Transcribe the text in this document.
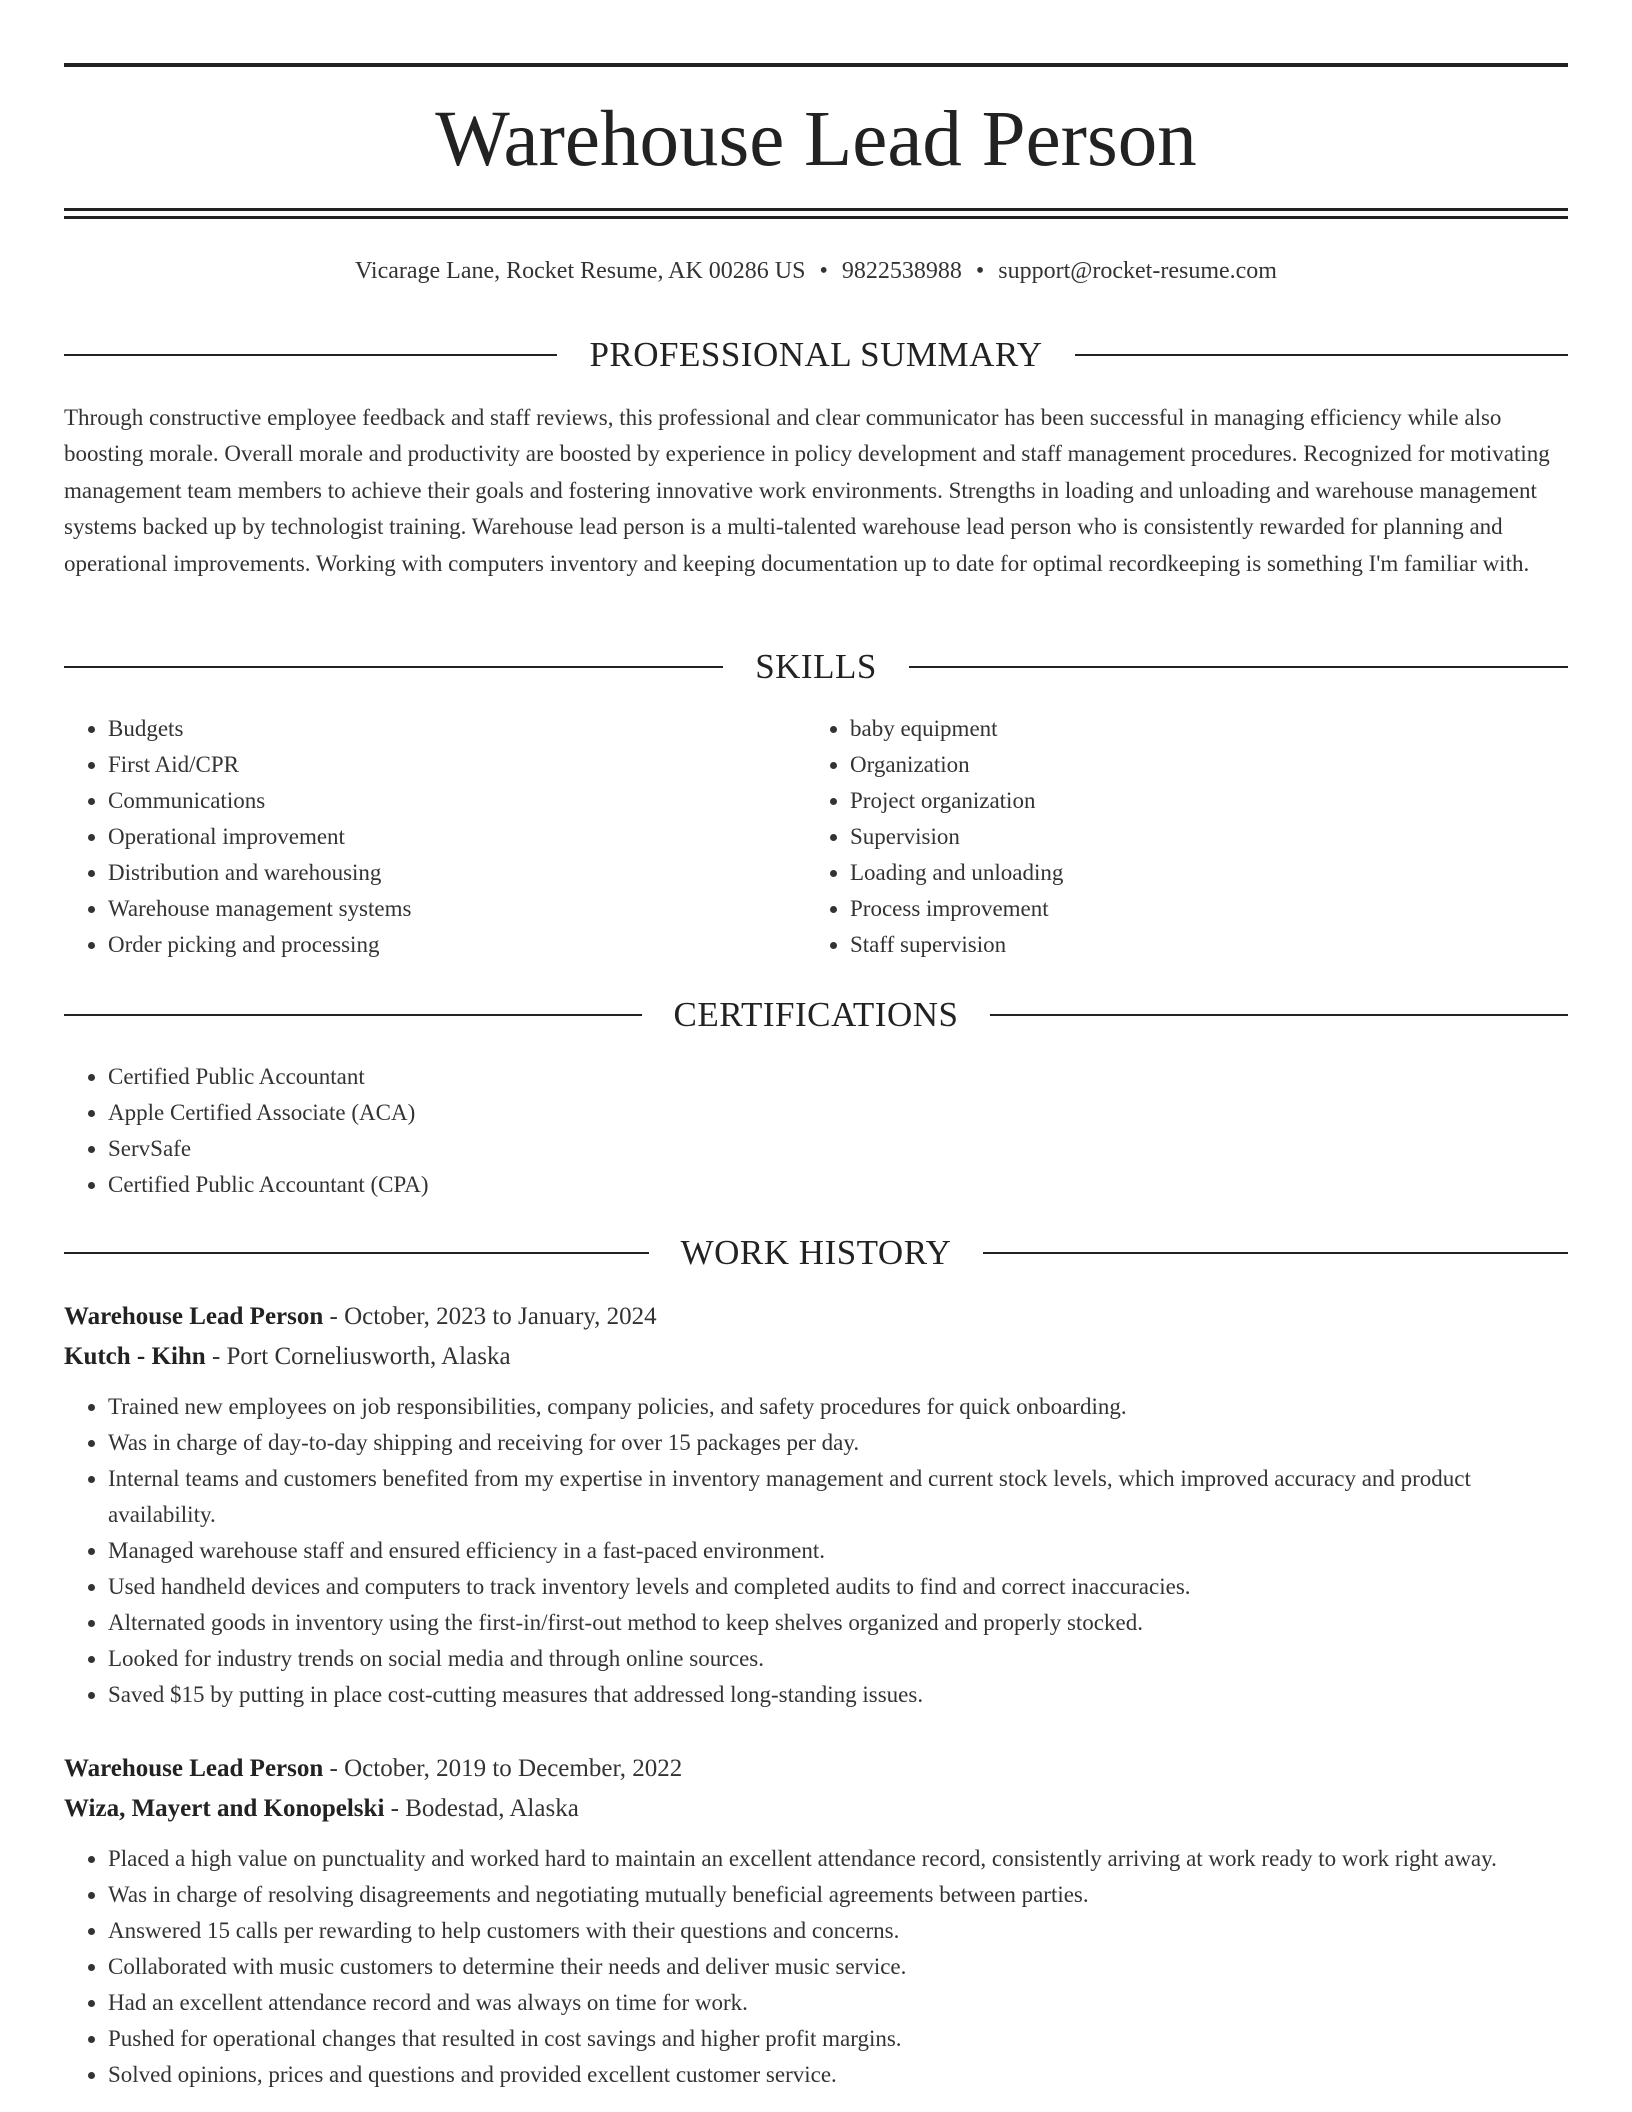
Warehouse Lead Person
Vicarage Lane, Rocket Resume, AK 00286 US • 9822538988 • support@rocket-resume.com
PROFESSIONAL SUMMARY

Through constructive employee feedback and staff reviews, this professional and clear communicator has been successful in managing efficiency while also boosting morale. Overall morale and productivity are boosted by experience in policy development and staff management procedures. Recognized for motivating management team members to achieve their goals and fostering innovative work environments. Strengths in loading and unloading and warehouse management systems backed up by technologist training. Warehouse lead person is a multi-talented warehouse lead person who is consistently rewarded for planning and operational improvements. Working with computers inventory and keeping documentation up to date for optimal recordkeeping is something I'm familiar with.

SKILLS
• Budgets
• First Aid/CPR
• Communications
• Operational improvement
• Distribution and warehousing
• Warehouse management systems
• Order picking and processing
• baby equipment
• Organization
• Project organization
• Supervision
• Loading and unloading
• Process improvement
• Staff supervision
CERTIFICATIONS
• Certified Public Accountant
• Apple Certified Associate (ACA)
• ServSafe
• Certified Public Accountant (CPA)
WORK HISTORY
Warehouse Lead Person - October, 2023 to January, 2024
Kutch - Kihn - Port Corneliusworth, Alaska
• Trained new employees on job responsibilities, company policies, and safety procedures for quick onboarding.
• Was in charge of day-to-day shipping and receiving for over 15 packages per day.
• Internal teams and customers benefited from my expertise in inventory management and current stock levels, which improved accuracy and product availability.
• Managed warehouse staff and ensured efficiency in a fast-paced environment.
• Used handheld devices and computers to track inventory levels and completed audits to find and correct inaccuracies.
• Alternated goods in inventory using the first-in/first-out method to keep shelves organized and properly stocked.
• Looked for industry trends on social media and through online sources.
• Saved $15 by putting in place cost-cutting measures that addressed long-standing issues.
Warehouse Lead Person - October, 2019 to December, 2022
Wiza, Mayert and Konopelski - Bodestad, Alaska
• Placed a high value on punctuality and worked hard to maintain an excellent attendance record, consistently arriving at work ready to work right away.
• Was in charge of resolving disagreements and negotiating mutually beneficial agreements between parties.
• Answered 15 calls per rewarding to help customers with their questions and concerns.
• Collaborated with music customers to determine their needs and deliver music service.
• Had an excellent attendance record and was always on time for work.
• Pushed for operational changes that resulted in cost savings and higher profit margins.
• Solved opinions, prices and questions and provided excellent customer service.
